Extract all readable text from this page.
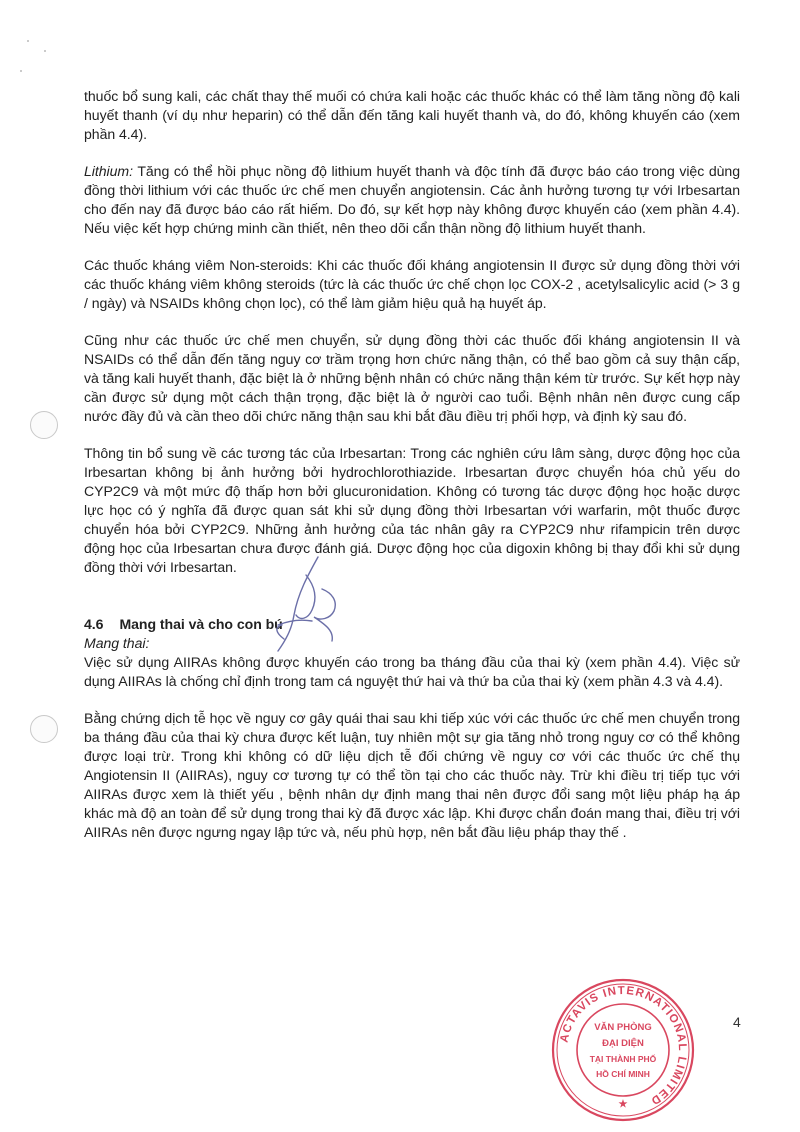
thuốc bổ sung kali, các chất thay thế muối có chứa kali hoặc các thuốc khác có thể làm tăng nồng độ kali huyết thanh (ví dụ như heparin) có thể dẫn đến tăng kali huyết thanh và, do đó, không khuyến cáo (xem phần 4.4).

Lithium: Tăng có thể hồi phục nồng độ lithium huyết thanh và độc tính đã được báo cáo trong việc dùng đồng thời lithium với các thuốc ức chế men chuyển angiotensin. Các ảnh hưởng tương tự với Irbesartan cho đến nay đã được báo cáo rất hiếm. Do đó, sự kết hợp này không được khuyến cáo (xem phần 4.4). Nếu việc kết hợp chứng minh cần thiết, nên theo dõi cẩn thận nồng độ lithium huyết thanh.

Các thuốc kháng viêm Non-steroids: Khi các thuốc đối kháng angiotensin II được sử dụng đồng thời với các thuốc kháng viêm không steroids (tức là các thuốc ức chế chọn lọc COX-2 , acetylsalicylic acid (> 3 g / ngày) và NSAIDs không chọn lọc), có thể làm giảm hiệu quả hạ huyết áp.

Cũng như các thuốc ức chế men chuyển, sử dụng đồng thời các thuốc đối kháng angiotensin II và NSAIDs có thể dẫn đến tăng nguy cơ trầm trọng hơn chức năng thận, có thể bao gồm cả suy thận cấp, và tăng kali huyết thanh, đặc biệt là ở những bệnh nhân có chức năng thận kém từ trước. Sự kết hợp này cần được sử dụng một cách thận trọng, đặc biệt là ở người cao tuổi. Bệnh nhân nên được cung cấp nước đầy đủ và cần theo dõi chức năng thận sau khi bắt đầu điều trị phối hợp, và định kỳ sau đó.

Thông tin bổ sung về các tương tác của Irbesartan: Trong các nghiên cứu lâm sàng, dược động học của Irbesartan không bị ảnh hưởng bởi hydrochlorothiazide. Irbesartan được chuyển hóa chủ yếu do CYP2C9 và một mức độ thấp hơn bởi glucuronidation. Không có tương tác dược động học hoặc dược lực học có ý nghĩa đã được quan sát khi sử dụng đồng thời Irbesartan với warfarin, một thuốc được chuyển hóa bởi CYP2C9. Những ảnh hưởng của tác nhân gây ra CYP2C9 như rifampicin trên dược động học của Irbesartan chưa được đánh giá. Dược động học của digoxin không bị thay đổi khi sử dụng đồng thời với Irbesartan.

4.6 Mang thai và cho con bú

Mang thai:

Việc sử dụng AIIRAs không được khuyến cáo trong ba tháng đầu của thai kỳ (xem phần 4.4). Việc sử dụng AIIRAs là chống chỉ định trong tam cá nguyệt thứ hai và thứ ba của thai kỳ (xem phần 4.3 và 4.4).

Bằng chứng dịch tễ học về nguy cơ gây quái thai sau khi tiếp xúc với các thuốc ức chế men chuyển trong ba tháng đầu của thai kỳ chưa được kết luận, tuy nhiên một sự gia tăng nhỏ trong nguy cơ có thể không được loại trừ. Trong khi không có dữ liệu dịch tễ đối chứng về nguy cơ với các thuốc ức chế thụ Angiotensin II (AIIRAs), nguy cơ tương tự có thể tồn tại cho các thuốc này. Trừ khi điều trị tiếp tục với AIIRAs được xem là thiết yếu , bệnh nhân dự định mang thai nên được đổi sang một liệu pháp hạ áp khác mà độ an toàn để sử dụng trong thai kỳ đã được xác lập. Khi được chẩn đoán mang thai, điều trị với AIIRAs nên được ngưng ngay lập tức và, nếu phù hợp, nên bắt đầu liệu pháp thay thế .

4
ACTAVIS INTERNATIONAL LIMITED
VĂN PHÒNG
ĐẠI DIỆN
TẠI THÀNH PHỐ
HỒ CHÍ MINH
★
